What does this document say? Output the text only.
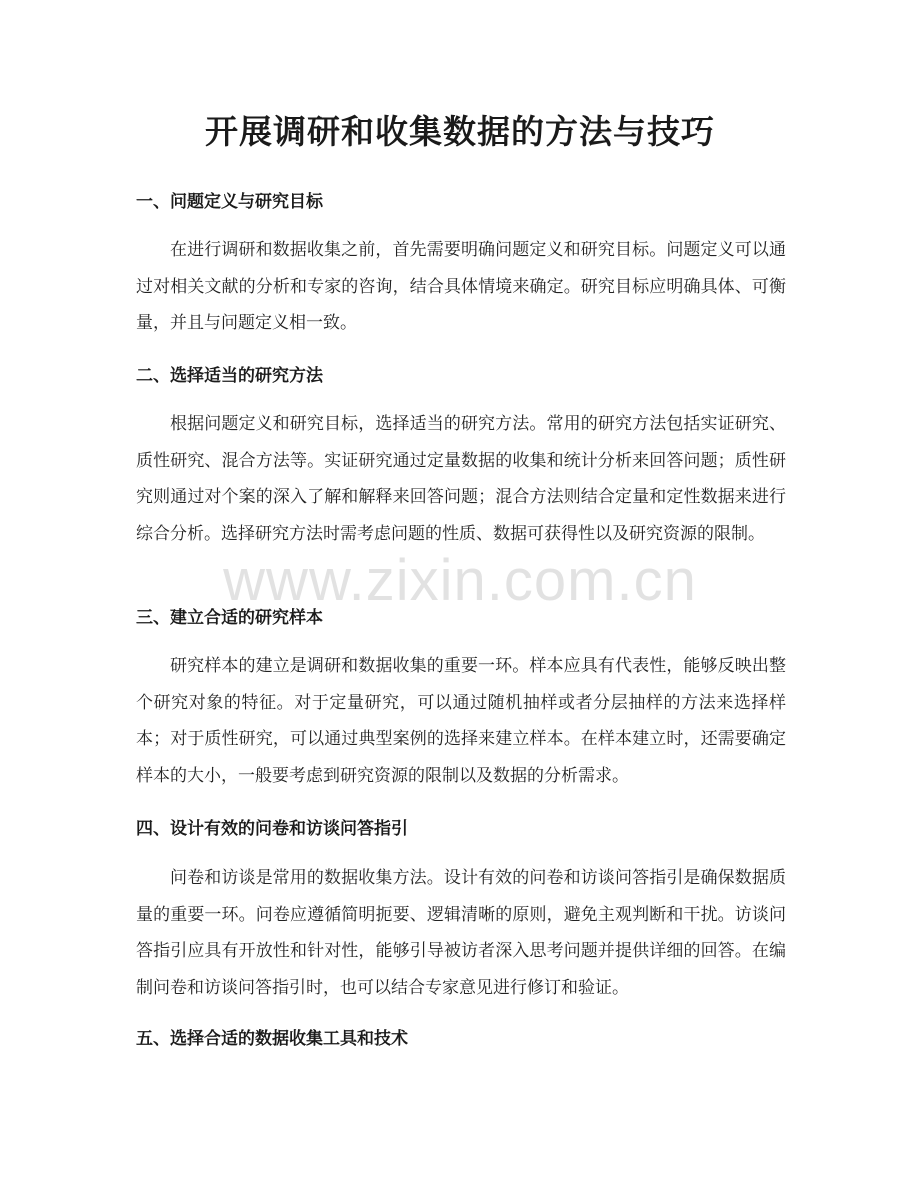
开展调研和收集数据的方法与技巧
一、问题定义与研究目标

在进行调研和数据收集之前，首先需要明确问题定义和研究目标。问题定义可以通过对相关文献的分析和专家的咨询，结合具体情境来确定。研究目标应明确具体、可衡量，并且与问题定义相一致。

二、选择适当的研究方法

根据问题定义和研究目标，选择适当的研究方法。常用的研究方法包括实证研究、质性研究、混合方法等。实证研究通过定量数据的收集和统计分析来回答问题；质性研究则通过对个案的深入了解和解释来回答问题；混合方法则结合定量和定性数据来进行综合分析。选择研究方法时需考虑问题的性质、数据可获得性以及研究资源的限制。

三、建立合适的研究样本

研究样本的建立是调研和数据收集的重要一环。样本应具有代表性，能够反映出整个研究对象的特征。对于定量研究，可以通过随机抽样或者分层抽样的方法来选择样本；对于质性研究，可以通过典型案例的选择来建立样本。在样本建立时，还需要确定样本的大小，一般要考虑到研究资源的限制以及数据的分析需求。

四、设计有效的问卷和访谈问答指引

问卷和访谈是常用的数据收集方法。设计有效的问卷和访谈问答指引是确保数据质量的重要一环。问卷应遵循简明扼要、逻辑清晰的原则，避免主观判断和干扰。访谈问答指引应具有开放性和针对性，能够引导被访者深入思考问题并提供详细的回答。在编制问卷和访谈问答指引时，也可以结合专家意见进行修订和验证。

五、选择合适的数据收集工具和技术
www.zixin.com.cn
